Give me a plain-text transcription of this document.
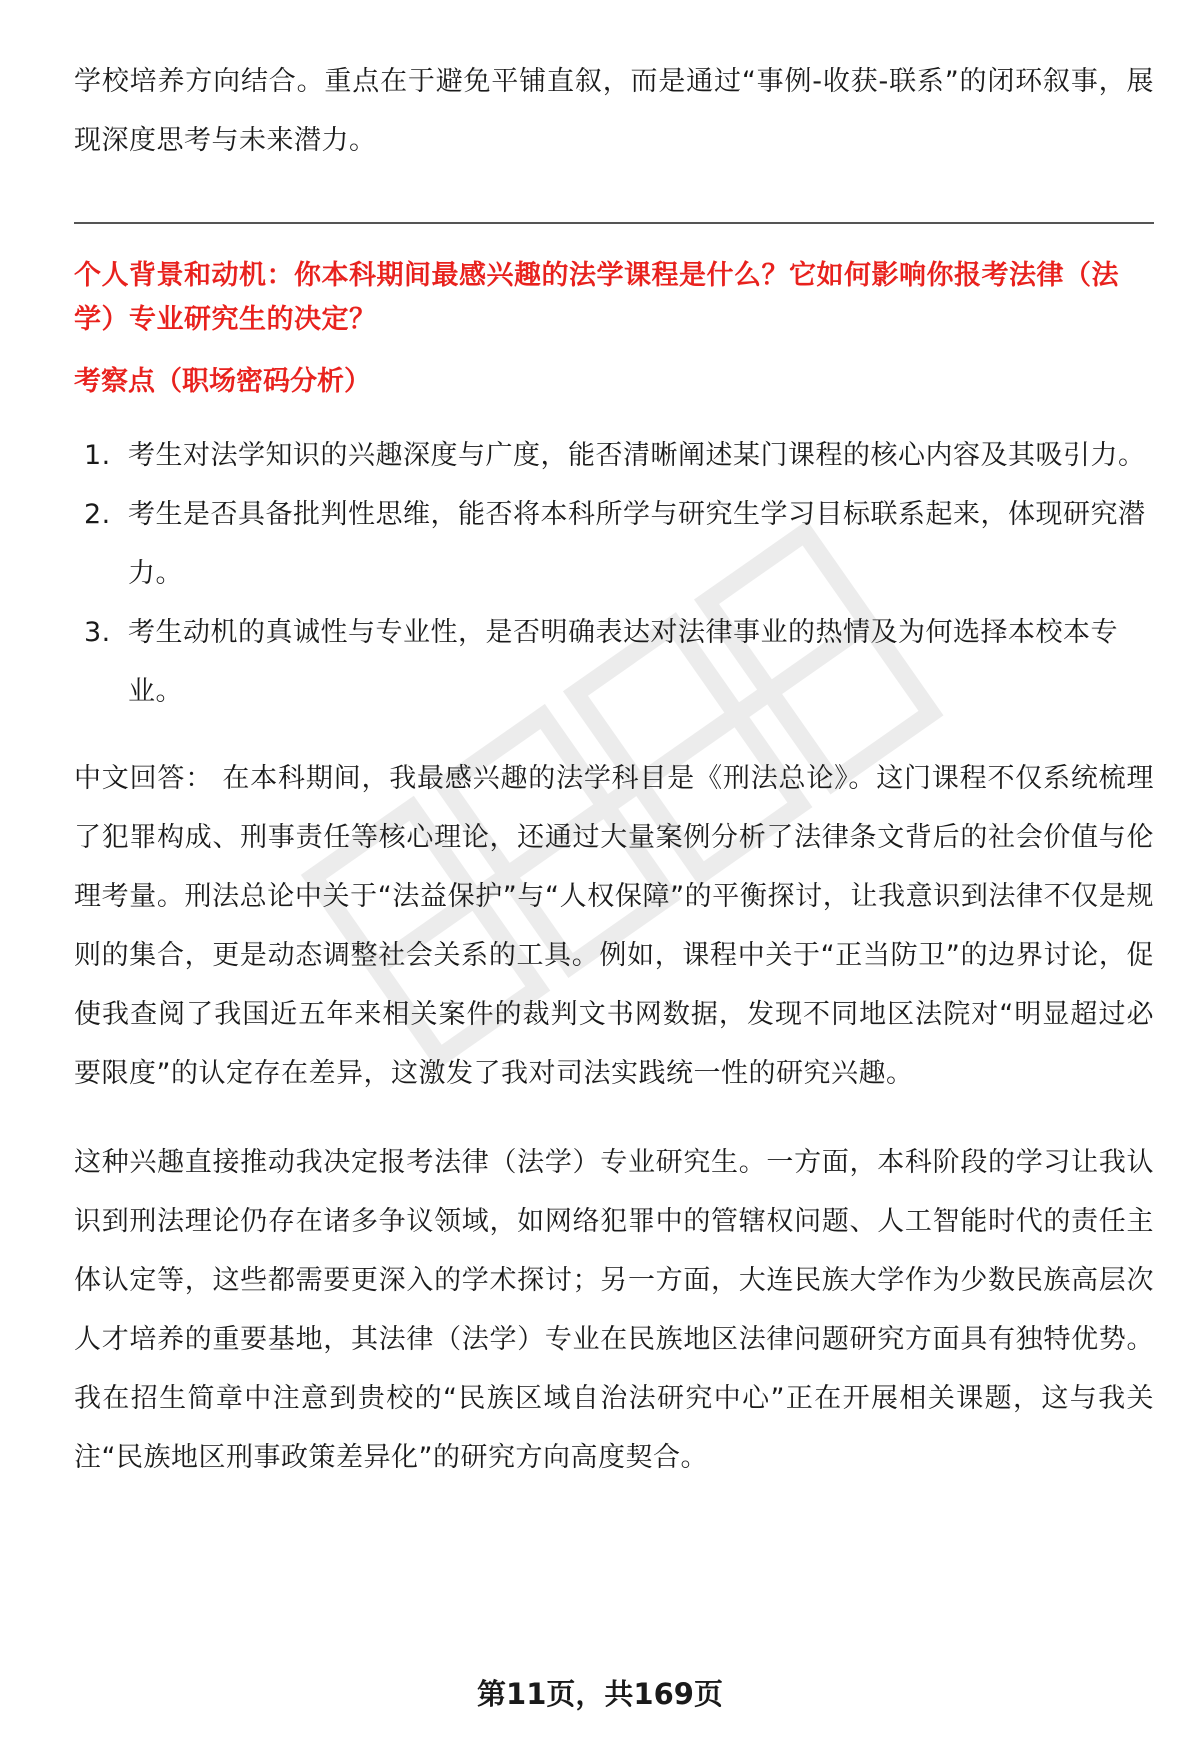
学校培养方向结合。重点在于避免平铺直叙，而是通过“事例-收获-联系”的闭环叙事，展现深度思考与未来潜力。

个人背景和动机：你本科期间最感兴趣的法学课程是什么？它如何影响你报考法律（法学）专业研究生的决定？

考察点（职场密码分析）

1. 考生对法学知识的兴趣深度与广度，能否清晰阐述某门课程的核心内容及其吸引力。
2. 考生是否具备批判性思维，能否将本科所学与研究生学习目标联系起来，体现研究潜力。
3. 考生动机的真诚性与专业性，是否明确表达对法律事业的热情及为何选择本校本专业。

中文回答： 在本科期间，我最感兴趣的法学科目是《刑法总论》。这门课程不仅系统梳理了犯罪构成、刑事责任等核心理论，还通过大量案例分析了法律条文背后的社会价值与伦理考量。刑法总论中关于“法益保护”与“人权保障”的平衡探讨，让我意识到法律不仅是规则的集合，更是动态调整社会关系的工具。例如，课程中关于“正当防卫”的边界讨论，促使我查阅了我国近五年来相关案件的裁判文书网数据，发现不同地区法院对“明显超过必要限度”的认定存在差异，这激发了我对司法实践统一性的研究兴趣。

这种兴趣直接推动我决定报考法律（法学）专业研究生。一方面，本科阶段的学习让我认识到刑法理论仍存在诸多争议领域，如网络犯罪中的管辖权问题、人工智能时代的责任主体认定等，这些都需要更深入的学术探讨；另一方面，大连民族大学作为少数民族高层次人才培养的重要基地，其法律（法学）专业在民族地区法律问题研究方面具有独特优势。我在招生简章中注意到贵校的“民族区域自治法研究中心”正在开展相关课题，这与我关注“民族地区刑事政策差异化”的研究方向高度契合。

第11页，共169页
